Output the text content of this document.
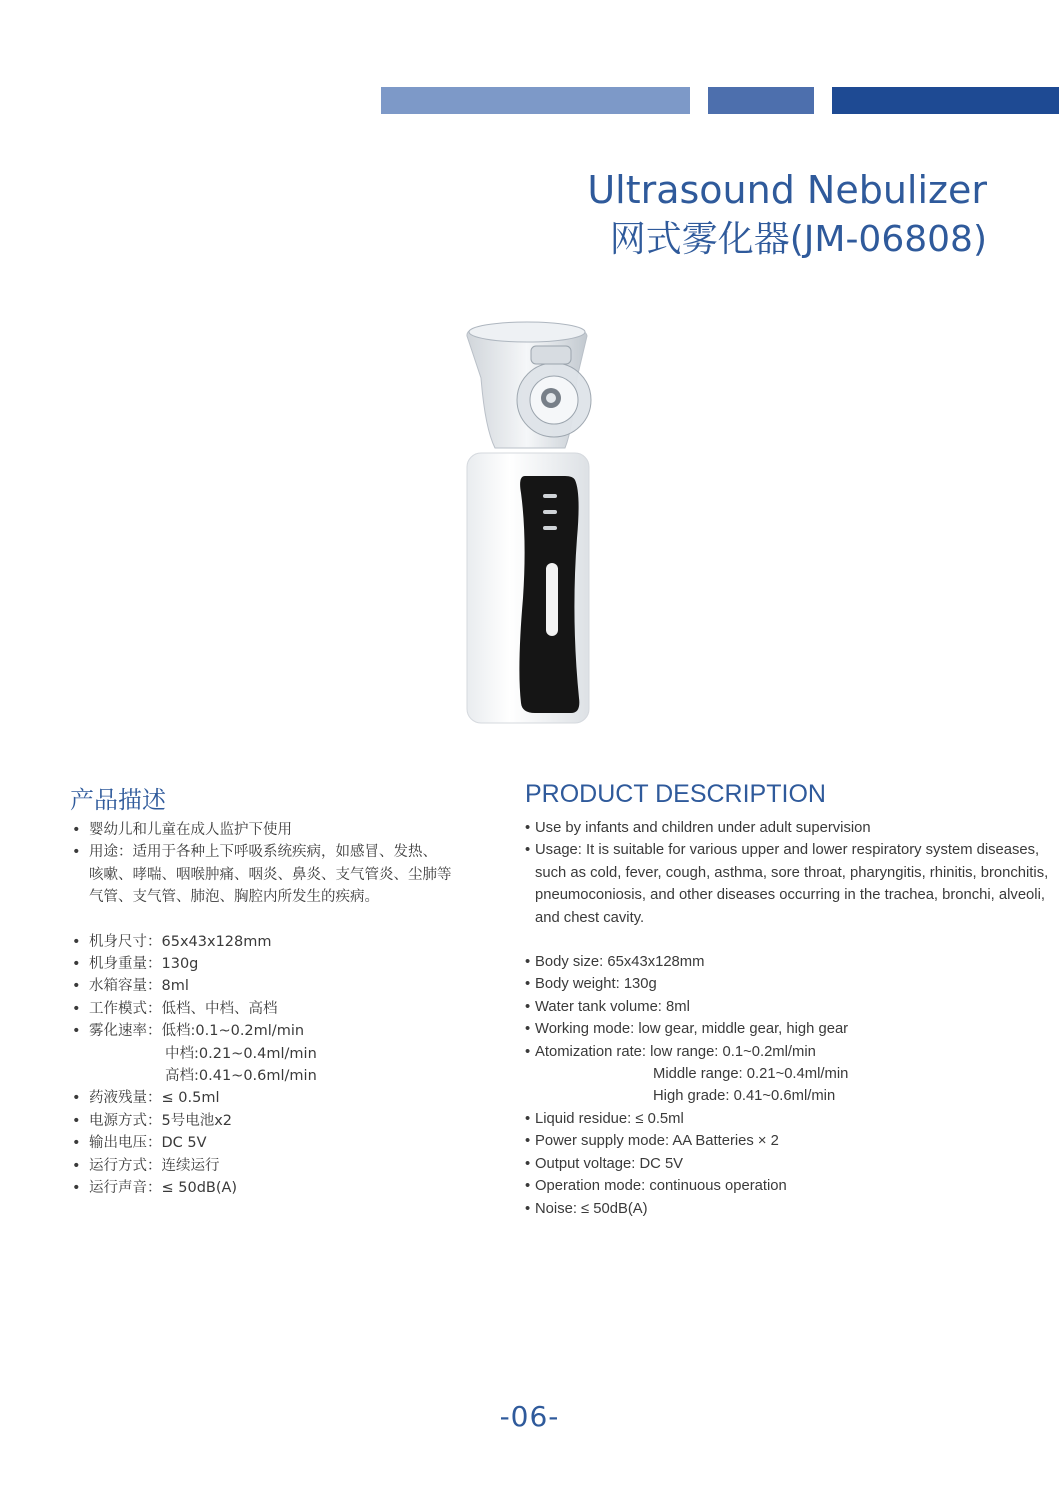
Ultrasound Nebulizer
网式雾化器(JM-06808)
产品描述	PRODUCT DESCRIPTION
• 婴幼儿和儿童在成人监护下使用
• 用途：适用于各种上下呼吸系统疾病，如感冒、发热、
咳嗽、哮喘、咽喉肿痛、咽炎、鼻炎、支气管炎、尘肺等
气管、支气管、肺泡、胸腔内所发生的疾病。
• 机身尺寸：65x43x128mm
• 机身重量：130g
• 水箱容量：8ml
• 工作模式：低档、中档、高档
• 雾化速率：低档:0.1~0.2ml/min
中档:0.21~0.4ml/min
高档:0.41~0.6ml/min
• 药液残量：≤ 0.5ml
• 电源方式：5号电池x2
• 输出电压：DC 5V
• 运行方式：连续运行
• 运行声音：≤ 50dB(A)
• Use by infants and children under adult supervision
• Usage: It is suitable for various upper and lower respiratory system diseases,
such as cold, fever, cough, asthma, sore throat, pharyngitis, rhinitis, bronchitis,
pneumoconiosis, and other diseases occurring in the trachea, bronchi, alveoli,
and chest cavity.
• Body size: 65x43x128mm
• Body weight: 130g
• Water tank volume: 8ml
• Working mode: low gear, middle gear, high gear
• Atomization rate: low range: 0.1~0.2ml/min
Middle range: 0.21~0.4ml/min
High grade: 0.41~0.6ml/min
• Liquid residue: ≤ 0.5ml
• Power supply mode: AA Batteries × 2
• Output voltage: DC 5V
• Operation mode: continuous operation
• Noise: ≤ 50dB(A)
-06-
